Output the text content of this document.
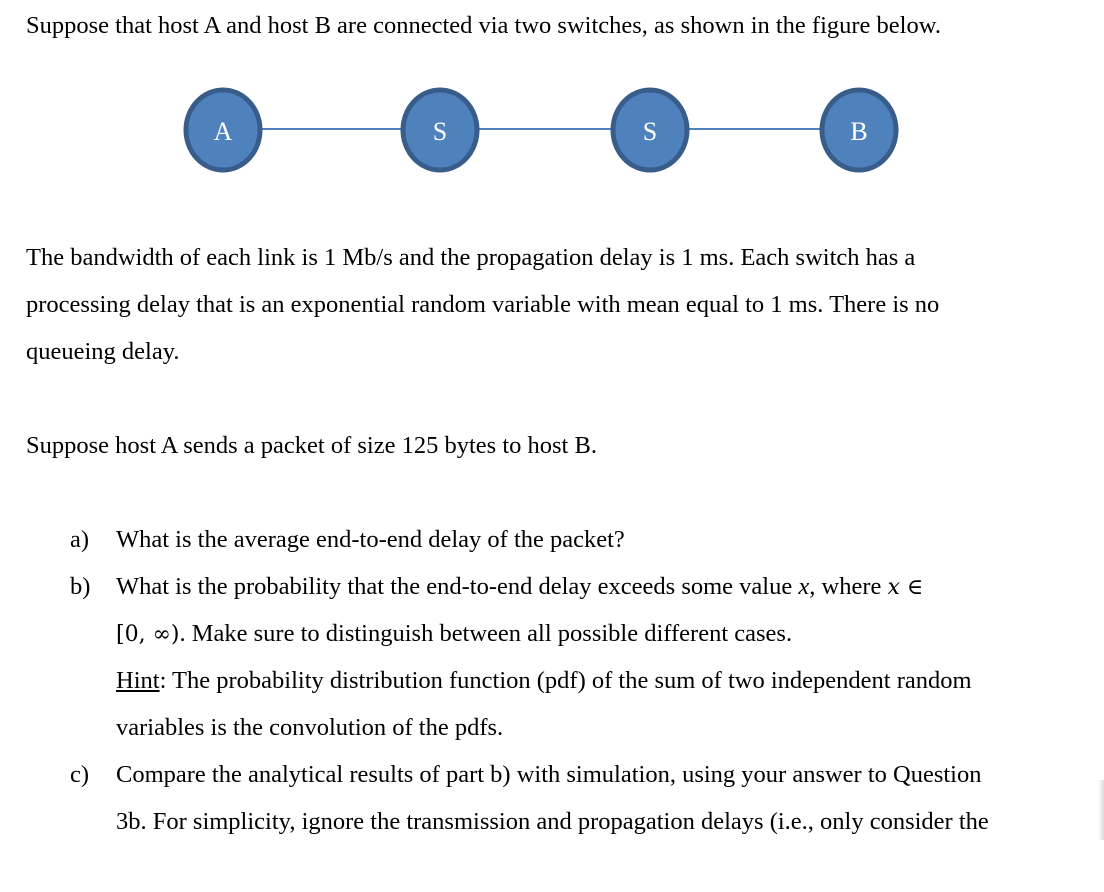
Suppose that host A and host B are connected via two switches, as shown in the figure below.
A	S	S	B
The bandwidth of each link is 1 Mb/s and the propagation delay is 1 ms. Each switch has a
processing delay that is an exponential random variable with mean equal to 1 ms. There is no
queueing delay.
Suppose host A sends a packet of size 125 bytes to host B.
a) What is the average end-to-end delay of the packet?
b) What is the probability that the end-to-end delay exceeds some value x, where x ∈
[0, ∞). Make sure to distinguish between all possible different cases.
Hint: The probability distribution function (pdf) of the sum of two independent random
variables is the convolution of the pdfs.
c) Compare the analytical results of part b) with simulation, using your answer to Question
3b. For simplicity, ignore the transmission and propagation delays (i.e., only consider the
